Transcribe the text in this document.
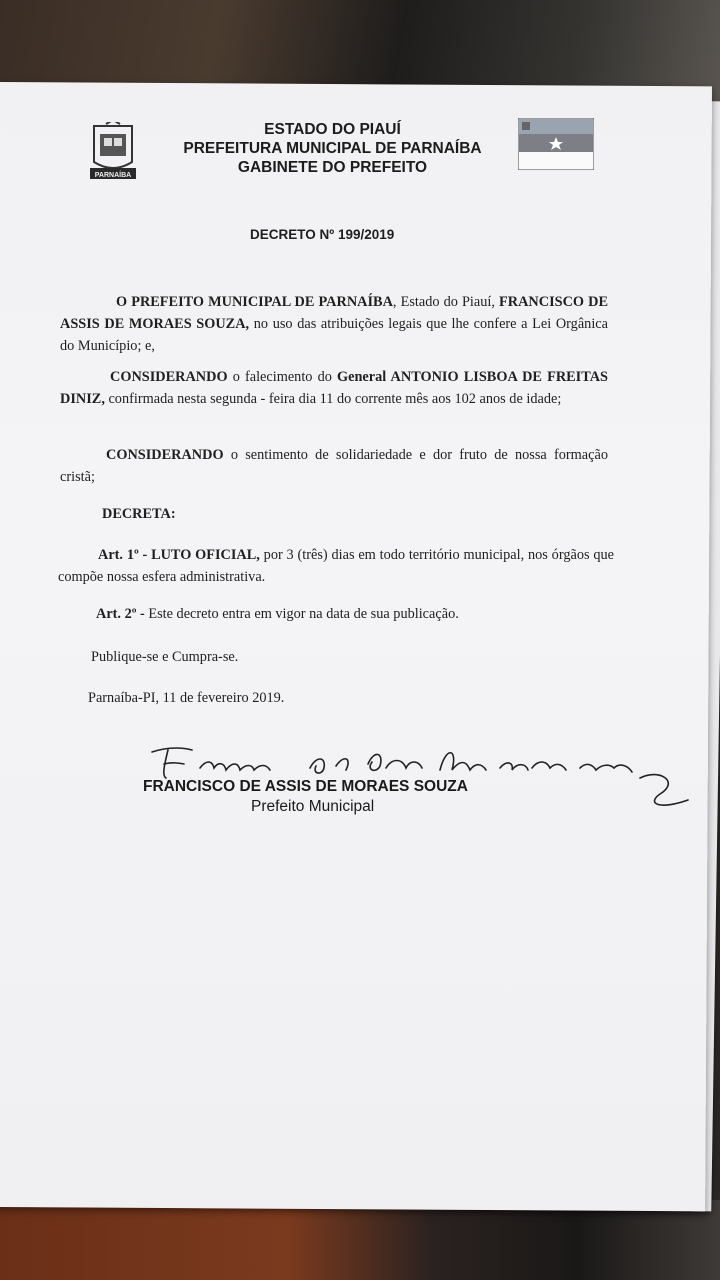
PARNAÍBA
ESTADO DO PIAUÍ
PREFEITURA MUNICIPAL DE PARNAÍBA
GABINETE DO PREFEITO
DECRETO Nº 199/2019
O PREFEITO MUNICIPAL DE PARNAÍBA, Estado do Piauí, FRANCISCO DE ASSIS DE MORAES SOUZA, no uso das atribuições legais que lhe confere a Lei Orgânica do Município; e,
CONSIDERANDO o falecimento do General ANTONIO LISBOA DE FREITAS DINIZ, confirmada nesta segunda - feira dia 11 do corrente mês aos 102 anos de idade;
CONSIDERANDO o sentimento de solidariedade e dor fruto de nossa formação cristã;
DECRETA:
Art. 1º - LUTO OFICIAL, por 3 (três) dias em todo território municipal, nos órgãos que compõe nossa esfera administrativa.
Art. 2º - Este decreto entra em vigor na data de sua publicação.
Publique-se e Cumpra-se.
Parnaíba-PI, 11 de fevereiro 2019.
FRANCISCO DE ASSIS DE MORAES SOUZA
Prefeito Municipal
